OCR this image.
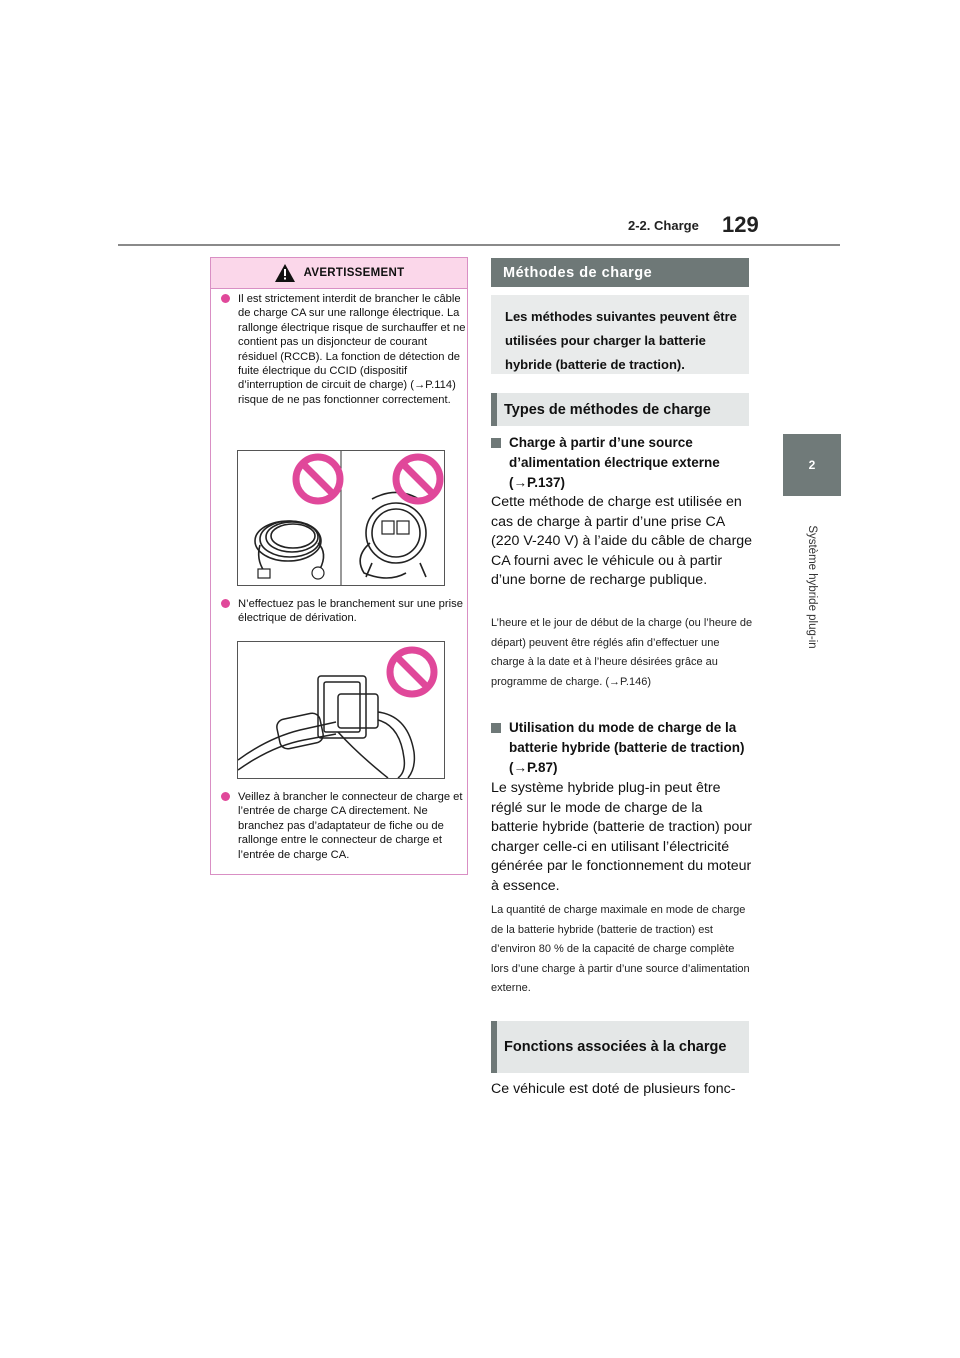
2-2. Charge 129
2
Système hybride plug-in
AVERTISSEMENT
Il est strictement interdit de brancher le câble de charge CA sur une rallonge électrique. La rallonge électrique risque de surchauffer et ne contient pas un disjoncteur de courant résiduel (RCCB). La fonction de détection de fuite électrique du CCID (dispositif d’interruption de circuit de charge) (→P.114) risque de ne pas fonctionner correctement.
N’effectuez pas le branchement sur une prise électrique de dérivation.
Veillez à brancher le connecteur de charge et l’entrée de charge CA directement. Ne branchez pas d’adaptateur de fiche ou de rallonge entre le connecteur de charge et l’entrée de charge CA.
Méthodes de charge
Les méthodes suivantes peuvent être utilisées pour charger la batterie hybride (batterie de traction).
Types de méthodes de charge
Charge à partir d’une source d’alimentation électrique externe (→P.137)
Cette méthode de charge est utilisée en cas de charge à partir d’une prise CA (220 V-240 V) à l’aide du câble de charge CA fourni avec le véhicule ou à partir d’une borne de recharge publique.
L’heure et le jour de début de la charge (ou l’heure de départ) peuvent être réglés afin d’effectuer une charge à la date et à l’heure désirées grâce au programme de charge. (→P.146)
Utilisation du mode de charge de la batterie hybride (batterie de traction) (→P.87)
Le système hybride plug-in peut être réglé sur le mode de charge de la batterie hybride (batterie de traction) pour charger celle-ci en utilisant l’électricité générée par le fonctionnement du moteur à essence.
La quantité de charge maximale en mode de charge de la batterie hybride (batterie de traction) est d’environ 80 % de la capacité de charge complète lors d’une charge à partir d’une source d’alimentation externe.
Fonctions associées à la charge
Ce véhicule est doté de plusieurs fonc-
